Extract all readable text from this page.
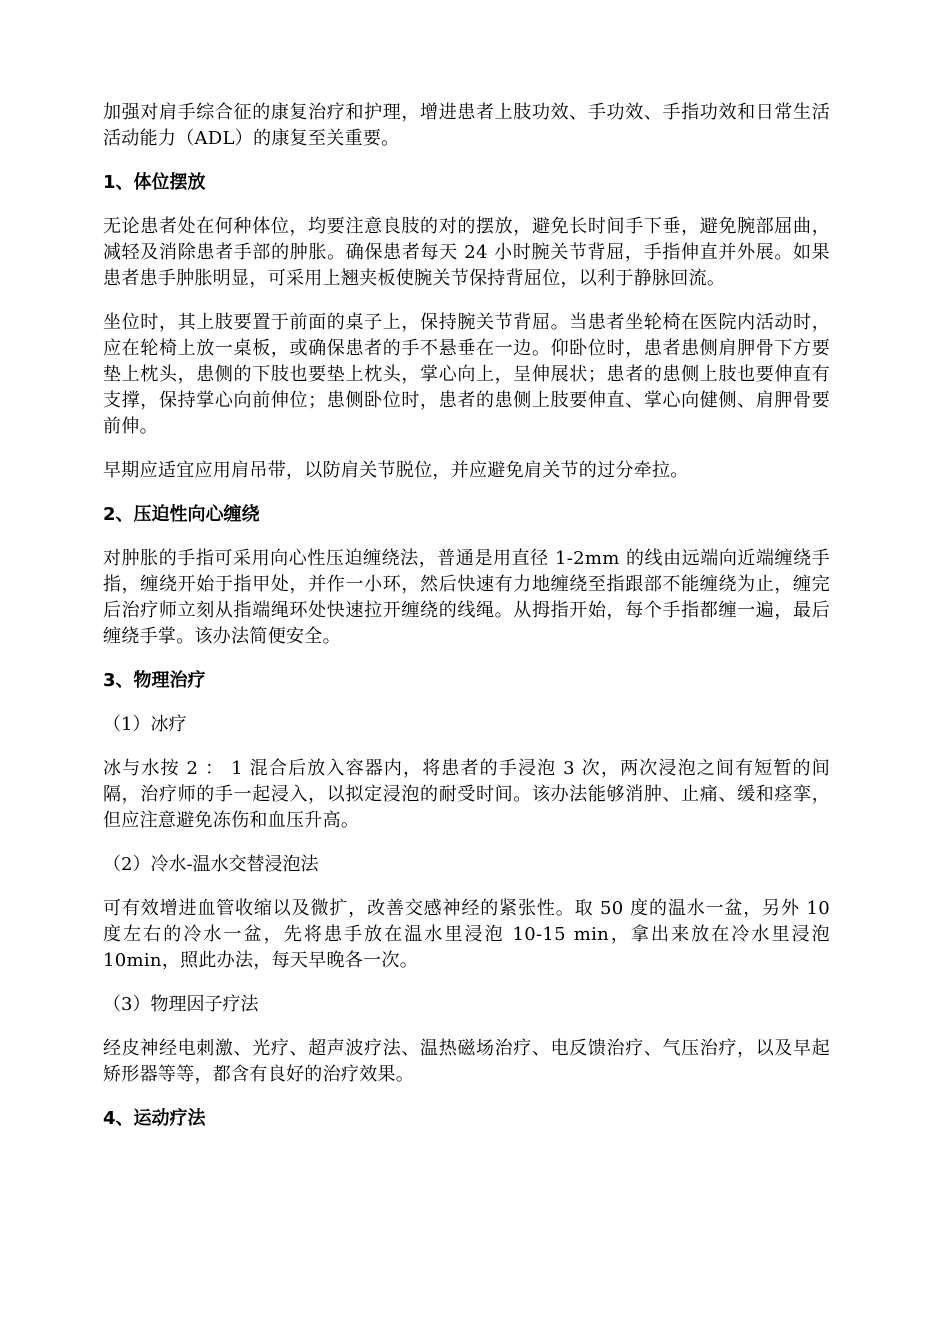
加强对肩手综合征的康复治疗和护理，增进患者上肢功效、手功效、手指功效和日常生活活动能力（ADL）的康复至关重要。

1、体位摆放

无论患者处在何种体位，均要注意良肢的对的摆放，避免长时间手下垂，避免腕部屈曲，减轻及消除患者手部的肿胀。确保患者每天 24 小时腕关节背屈，手指伸直并外展。如果患者患手肿胀明显，可采用上翘夹板使腕关节保持背屈位，以利于静脉回流。

坐位时，其上肢要置于前面的桌子上，保持腕关节背屈。当患者坐轮椅在医院内活动时，应在轮椅上放一桌板，或确保患者的手不悬垂在一边。仰卧位时，患者患侧肩胛骨下方要垫上枕头，患侧的下肢也要垫上枕头，掌心向上，呈伸展状；患者的患侧上肢也要伸直有支撑，保持掌心向前伸位；患侧卧位时，患者的患侧上肢要伸直、掌心向健侧、肩胛骨要前伸。

早期应适宜应用肩吊带，以防肩关节脱位，并应避免肩关节的过分牵拉。

2、压迫性向心缠绕

对肿胀的手指可采用向心性压迫缠绕法，普通是用直径 1-2mm 的线由远端向近端缠绕手指，缠绕开始于指甲处，并作一小环，然后快速有力地缠绕至指跟部不能缠绕为止，缠完后治疗师立刻从指端绳环处快速拉开缠绕的线绳。从拇指开始，每个手指都缠一遍，最后缠绕手掌。该办法简便安全。

3、物理治疗
（1）冰疗

冰与水按 2 ： 1 混合后放入容器内，将患者的手浸泡 3 次，两次浸泡之间有短暂的间隔，治疗师的手一起浸入，以拟定浸泡的耐受时间。该办法能够消肿、止痛、缓和痉挛，但应注意避免冻伤和血压升高。

（2）冷水-温水交替浸泡法

可有效增进血管收缩以及微扩，改善交感神经的紧张性。取 50 度的温水一盆，另外 10 度左右的冷水一盆，先将患手放在温水里浸泡 10-15 min，拿出来放在冷水里浸泡 10min，照此办法，每天早晚各一次。

（3）物理因子疗法

经皮神经电刺激、光疗、超声波疗法、温热磁场治疗、电反馈治疗、气压治疗，以及早起矫形器等等，都含有良好的治疗效果。

4、运动疗法
